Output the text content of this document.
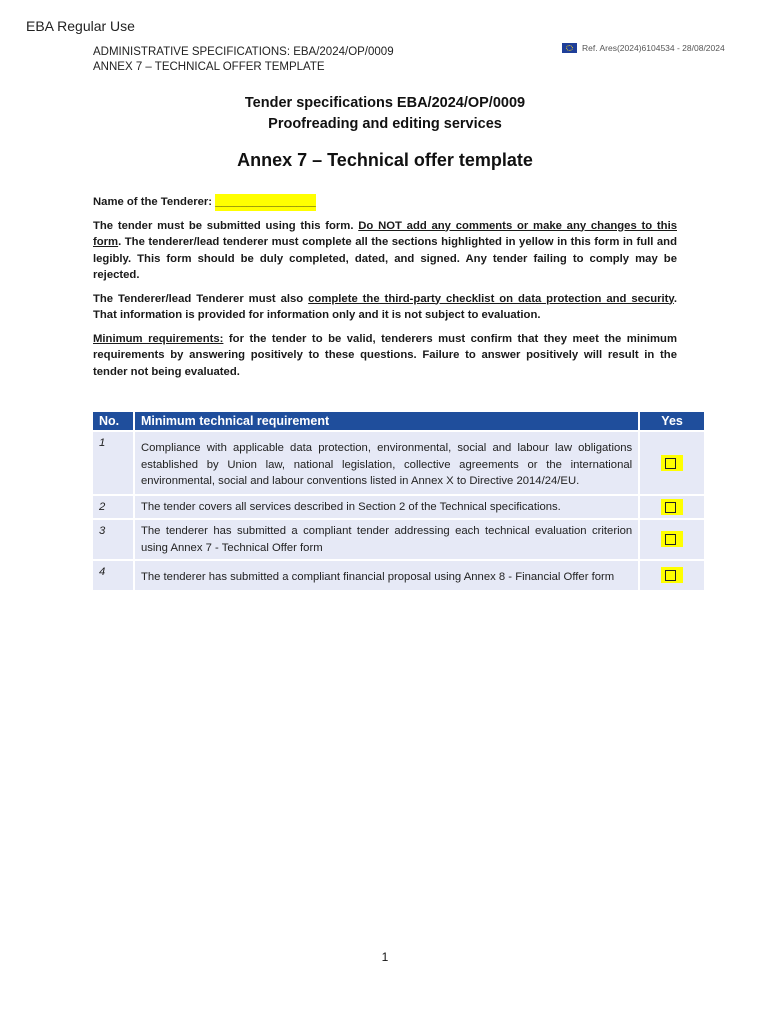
EBA Regular Use
Ref. Ares(2024)6104534 - 28/08/2024
ADMINISTRATIVE SPECIFICATIONS: EBA/2024/OP/0009
ANNEX 7 – TECHNICAL OFFER TEMPLATE
Tender specifications EBA/2024/OP/0009
Proofreading and editing services
Annex 7 – Technical offer template

Name of the Tenderer: ________________

The tender must be submitted using this form. Do NOT add any comments or make any changes to this form. The tenderer/lead tenderer must complete all the sections highlighted in yellow in this form in full and legibly. This form should be duly completed, dated, and signed. Any tender failing to comply may be rejected.

The Tenderer/lead Tenderer must also complete the third-party checklist on data protection and security. That information is provided for information only and it is not subject to evaluation.

Minimum requirements: for the tender to be valid, tenderers must confirm that they meet the minimum requirements by answering positively to these questions. Failure to answer positively will result in the tender not being evaluated.

No.	Minimum technical requirement	Yes
1	Compliance with applicable data protection, environmental, social and labour law obligations established by Union law, national legislation, collective agreements or the international environmental, social and labour conventions listed in Annex X to Directive 2014/24/EU.	
2	The tender covers all services described in Section 2 of the Technical specifications.	
3	The tenderer has submitted a compliant tender addressing each technical evaluation criterion using Annex 7 - Technical Offer form	
4	The tenderer has submitted a compliant financial proposal using Annex 8 - Financial Offer form	
1
